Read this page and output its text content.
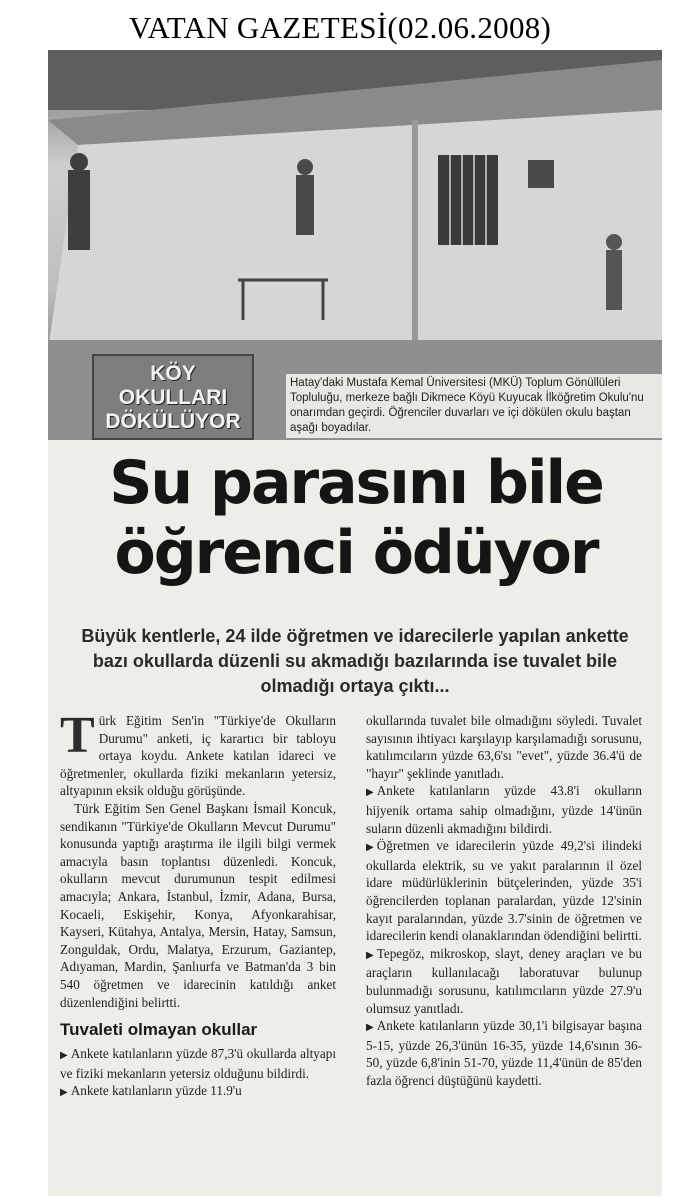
VATAN GAZETESİ(02.06.2008)
KÖY
OKULLARI
DÖKÜLÜYOR
Hatay'daki Mustafa Kemal Üniversitesi (MKÜ) Toplum Gönüllüleri Topluluğu, merkeze bağlı Dikmece Köyü Kuyucak İlköğretim Okulu'nu onarımdan geçirdi. Öğrenciler duvarları ve içi dökülen okulu baştan aşağı boyadılar.
Su parasını bile
öğrenci ödüyor
Büyük kentlerle, 24 ilde öğretmen ve idarecilerle yapılan ankette bazı okullarda düzenli su akmadığı bazılarında ise tuvalet bile olmadığı ortaya çıktı...

Türk Eğitim Sen'in "Türkiye'de Okulların Durumu" anketi, iç karartıcı bir tabloyu ortaya koydu. Ankete katılan idareci ve öğretmenler, okullarda fiziki mekanların yetersiz, altyapının eksik olduğu görüşünde.

Türk Eğitim Sen Genel Başkanı İsmail Koncuk, sendikanın "Türkiye'de Okulların Mevcut Durumu" konusunda yaptığı araştırma ile ilgili bilgi vermek amacıyla basın toplantısı düzenledi. Koncuk, okulların mevcut durumunun tespit edilmesi amacıyla; Ankara, İstanbul, İzmir, Adana, Bursa, Kocaeli, Eskişehir, Konya, Afyonkarahisar, Kayseri, Kütahya, Antalya, Mersin, Hatay, Samsun, Zonguldak, Ordu, Malatya, Erzurum, Gaziantep, Adıyaman, Mardin, Şanlıurfa ve Batman'da 3 bin 540 öğretmen ve idarecinin katıldığı anket düzenlendiğini belirtti.

Tuvaleti olmayan okullar

▶ Ankete katılanların yüzde 87,3'ü okullarda altyapı ve fiziki mekanların yetersiz olduğunu bildirdi.

▶ Ankete katılanların yüzde 11.9'u

okullarında tuvalet bile olmadığını söyledi. Tuvalet sayısının ihtiyacı karşılayıp karşılamadığı sorusunu, katılımcıların yüzde 63,6'sı "evet", yüzde 36.4'ü de "hayır" şeklinde yanıtladı.

▶ Ankete katılanların yüzde 43.8'i okulların hijyenik ortama sahip olmadığını, yüzde 14'ünün suların düzenli akmadığını bildirdi.

▶ Öğretmen ve idarecilerin yüzde 49,2'si ilindeki okullarda elektrik, su ve yakıt paralarının il özel idare müdürlüklerinin bütçelerinden, yüzde 35'i öğrencilerden toplanan paralardan, yüzde 12'sinin kayıt paralarından, yüzde 3.7'sinin de öğretmen ve idarecilerin kendi olanaklarından ödendiğini belirtti.

▶ Tepegöz, mikroskop, slayt, deney araçları ve bu araçların kullanılacağı laboratuvar bulunup bulunmadığı sorusunu, katılımcıların yüzde 27.9'u olumsuz yanıtladı.

▶ Ankete katılanların yüzde 30,1'i bilgisayar başına 5-15, yüzde 26,3'ünün 16-35, yüzde 14,6'sının 36-50, yüzde 6,8'inin 51-70, yüzde 11,4'ünün de 85'den fazla öğrenci düştüğünü kaydetti.
